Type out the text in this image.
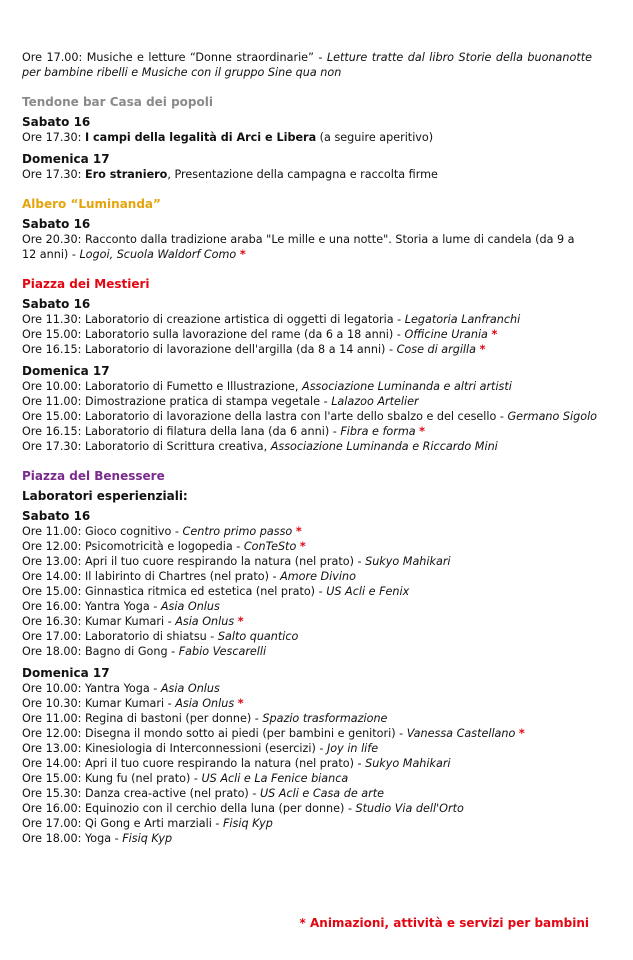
Ore 17.00: Musiche e letture “Donne straordinarie” - Letture tratte dal libro Storie della buonanotte per bambine ribelli e Musiche con il gruppo Sine qua non

Tendone bar Casa dei popoli
Sabato 16
Ore 17.30: I campi della legalità di Arci e Libera (a seguire aperitivo)
Domenica 17
Ore 17.30: Ero straniero, Presentazione della campagna e raccolta firme
Albero “Luminanda”
Sabato 16
Ore 20.30: Racconto dalla tradizione araba "Le mille e una notte". Storia a lume di candela (da 9 a 12 anni) - Logoi, Scuola Waldorf Como *
Piazza dei Mestieri
Sabato 16
Ore 11.30: Laboratorio di creazione artistica di oggetti di legatoria - Legatoria Lanfranchi
Ore 15.00: Laboratorio sulla lavorazione del rame (da 6 a 18 anni) - Officine Urania *
Ore 16.15: Laboratorio di lavorazione dell'argilla (da 8 a 14 anni) - Cose di argilla *
Domenica 17
Ore 10.00: Laboratorio di Fumetto e Illustrazione, Associazione Luminanda e altri artisti
Ore 11.00: Dimostrazione pratica di stampa vegetale - Lalazoo Artelier
Ore 15.00: Laboratorio di lavorazione della lastra con l'arte dello sbalzo e del cesello - Germano Sigolo
Ore 16.15: Laboratorio di filatura della lana (da 6 anni) - Fibra e forma *
Ore 17.30: Laboratorio di Scrittura creativa, Associazione Luminanda e Riccardo Mini
Piazza del Benessere
Laboratori esperienziali:
Sabato 16
Ore 11.00: Gioco cognitivo - Centro primo passo *
Ore 12.00: Psicomotricità e logopedia - ConTeSto *
Ore 13.00: Apri il tuo cuore respirando la natura (nel prato) - Sukyo Mahikari
Ore 14.00: Il labirinto di Chartres (nel prato) - Amore Divino
Ore 15.00: Ginnastica ritmica ed estetica (nel prato) - US Acli e Fenix
Ore 16.00: Yantra Yoga - Asia Onlus
Ore 16.30: Kumar Kumari - Asia Onlus *
Ore 17.00: Laboratorio di shiatsu - Salto quantico
Ore 18.00: Bagno di Gong - Fabio Vescarelli
Domenica 17
Ore 10.00: Yantra Yoga - Asia Onlus
Ore 10.30: Kumar Kumari - Asia Onlus *
Ore 11.00: Regina di bastoni (per donne) - Spazio trasformazione
Ore 12.00: Disegna il mondo sotto ai piedi (per bambini e genitori) - Vanessa Castellano *
Ore 13.00: Kinesiologia di Interconnessioni (esercizi) - Joy in life
Ore 14.00: Apri il tuo cuore respirando la natura (nel prato) - Sukyo Mahikari
Ore 15.00: Kung fu (nel prato) - US Acli e La Fenice bianca
Ore 15.30: Danza crea-active (nel prato) - US Acli e Casa de arte
Ore 16.00: Equinozio con il cerchio della luna (per donne) - Studio Via dell'Orto
Ore 17.00: Qi Gong e Arti marziali - Fisiq Kyp
Ore 18.00: Yoga - Fisiq Kyp
* Animazioni, attività e servizi per bambini
